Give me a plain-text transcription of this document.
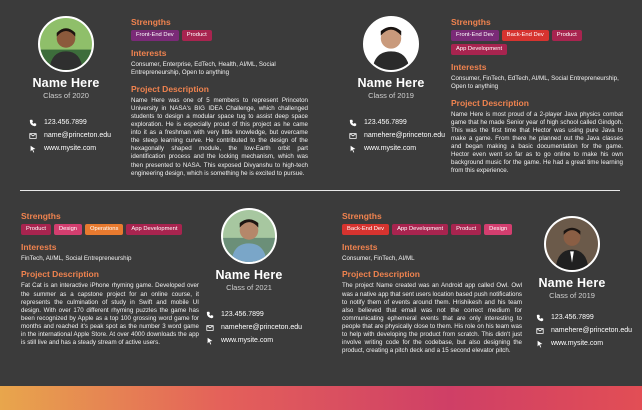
Name Here
Class of 2020
123.456.7899
name@princeton.edu
www.mysite.com
Strengths
Front-End Dev	Product
Interests
Consumer, Enterprise, EdTech, Health, AI/ML, Social Entrepreneurship, Open to anything
Project Description
Name Here was one of 5 members to represent Princeton University in NASA's BIG IDEA Challenge, which challenged students to design a modular space tug to assist deep space exploration. He is especially proud of this project as he came into it as a freshman with very little knowledge, but overcame the steep learning curve. He contributed to the design of the hexagonally shaped module, the low-Earth orbit part identification process and the locking mechanism, which was then presented to NASA. This exposed Divyanshu to high-tech engineering design, which is something he is excited to pursue.
Name Here
Class of 2019
123.456.7899
namehere@princeton.edu
www.mysite.com
Strengths
Front-End Dev	Back-End Dev	Product
App Development
Interests
Consumer, FinTech, EdTech, AI/ML, Social Entrepreneurship, Open to anything
Project Description
Name Here is most proud of a 2-player Java physics combat game that he made Senior year of high school called Gindgoh. This was the first time that Hector was using pure Java to make a game. From there he planned out the Java classes and began making a basic documentation for the game. Hector even went so far as to go online to make his own background music for the game. He had a great time learning from this experience.
Strengths
Product	Design	Operations	App Development
Interests
FinTech, AI/ML, Social Entrepreneurship
Project Description
Fat Cat is an interactive iPhone rhyming game. Developed over the summer as a capstone project for an online course, it represents the culmination of study in Swift and mobile UI design. With over 170 different rhyming puzzles the game has been recognized by Apple as a top 100 grossing word game for months and reached it's peak spot as the number 3 word game in the international Apple Store. At over 4000 downloads the app is still live and has a steady stream of active users.
Name Here
Class of 2021
123.456.7899
namehere@princeton.edu
www.mysite.com
Strengths
Back-End Dev	App Development	Product	Design
Interests
Consumer, FinTech, AI/ML
Project Description
The project Name created was an Android app called Owl. Owl was a native app that sent users location based push notifications to notify them of events around them. Hrishikesh and his team also believed that email was not the correct medium for communicating ephemeral events that are only interesting to people that are physically close to them. His role on his team was to help with developing the product from scratch. This didn't just involve writing code for the codebase, but also designing the product, creating a pitch deck and a 15 second elevator pitch.
Name Here
Class of 2019
123.456.7899
namehere@princeton.edu
www.mysite.com
